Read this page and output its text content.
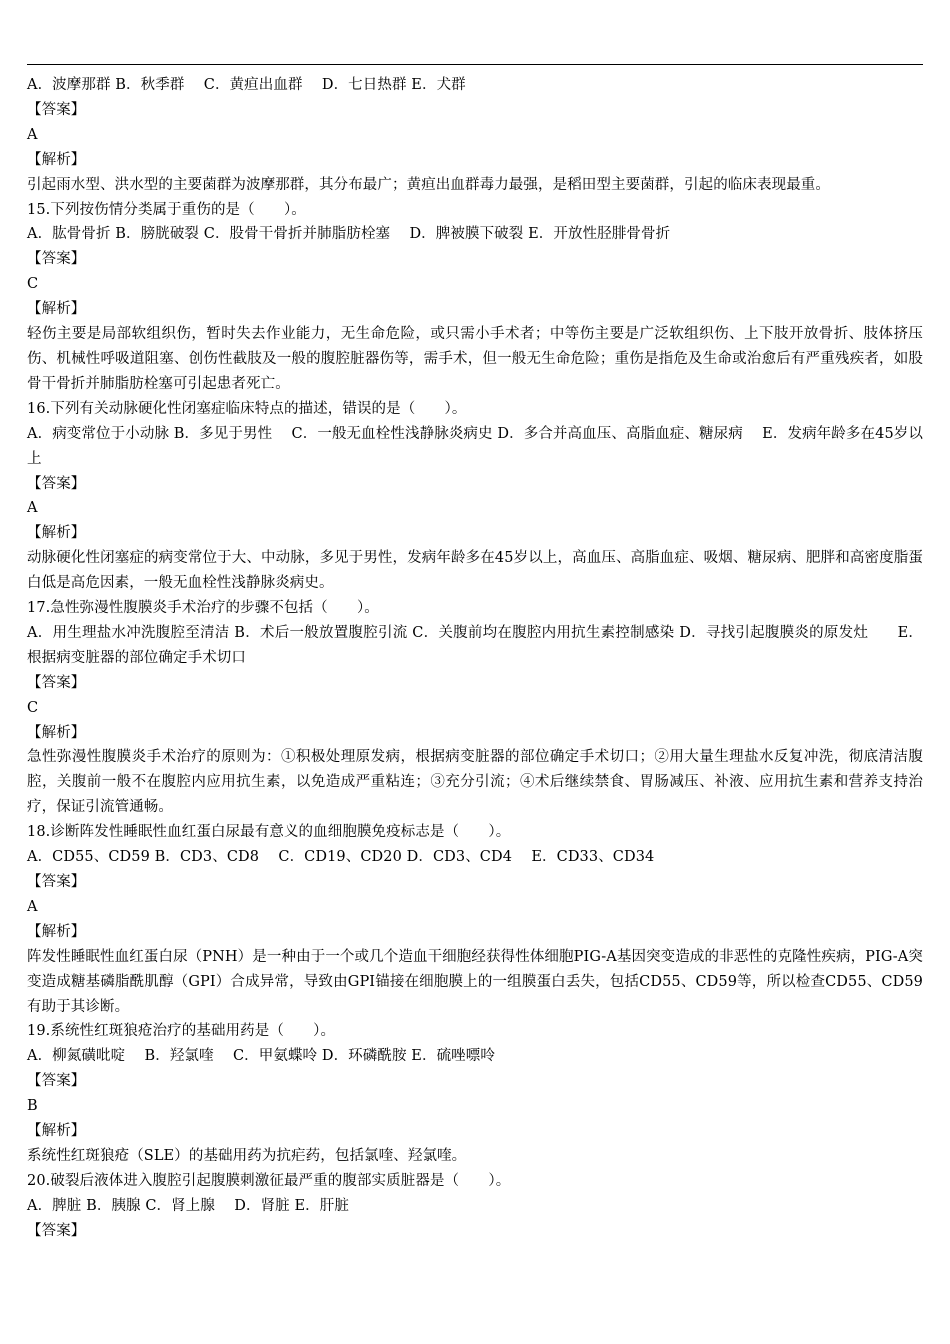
A．波摩那群 B．秋季群　 C．黄疸出血群　 D．七日热群 E．犬群
【答案】
A
【解析】
引起雨水型、洪水型的主要菌群为波摩那群，其分布最广；黄疸出血群毒力最强，是稻田型主要菌群，引起的临床表现最重。
15.下列按伤情分类属于重伤的是（　　）。
A．肱骨骨折 B．膀胱破裂 C．股骨干骨折并肺脂肪栓塞　 D．脾被膜下破裂 E．开放性胫腓骨骨折
【答案】
C
【解析】
轻伤主要是局部软组织伤，暂时失去作业能力，无生命危险，或只需小手术者；中等伤主要是广泛软组织伤、上下肢开放骨折、肢体挤压伤、机械性呼吸道阻塞、创伤性截肢及一般的腹腔脏器伤等，需手术，但一般无生命危险；重伤是指危及生命或治愈后有严重残疾者，如股骨干骨折并肺脂肪栓塞可引起患者死亡。
16.下列有关动脉硬化性闭塞症临床特点的描述，错误的是（　　）。
A．病变常位于小动脉 B．多见于男性　 C．一般无血栓性浅静脉炎病史 D．多合并高血压、高脂血症、糖尿病　 E．发病年龄多在45岁以上
【答案】
A
【解析】
动脉硬化性闭塞症的病变常位于大、中动脉，多见于男性，发病年龄多在45岁以上，高血压、高脂血症、吸烟、糖尿病、肥胖和高密度脂蛋白低是高危因素，一般无血栓性浅静脉炎病史。
17.急性弥漫性腹膜炎手术治疗的步骤不包括（　　）。
A．用生理盐水冲洗腹腔至清洁 B．术后一般放置腹腔引流 C．关腹前均在腹腔内用抗生素控制感染 D．寻找引起腹膜炎的原发灶　　E．根据病变脏器的部位确定手术切口
【答案】
C
【解析】
急性弥漫性腹膜炎手术治疗的原则为：①积极处理原发病，根据病变脏器的部位确定手术切口；②用大量生理盐水反复冲洗，彻底清洁腹腔，关腹前一般不在腹腔内应用抗生素，以免造成严重粘连；③充分引流；④术后继续禁食、胃肠减压、补液、应用抗生素和营养支持治疗，保证引流管通畅。
18.诊断阵发性睡眠性血红蛋白尿最有意义的血细胞膜免疫标志是（　　）。
A．CD55、CD59 B．CD3、CD8　 C．CD19、CD20 D．CD3、CD4　 E．CD33、CD34
【答案】
A
【解析】
阵发性睡眠性血红蛋白尿（PNH）是一种由于一个或几个造血干细胞经获得性体细胞PIG-A基因突变造成的非恶性的克隆性疾病，PIG-A突变造成糖基磷脂酰肌醇（GPI）合成异常，导致由GPI锚接在细胞膜上的一组膜蛋白丢失，包括CD55、CD59等，所以检查CD55、CD59 有助于其诊断。
19.系统性红斑狼疮治疗的基础用药是（　　）。
A．柳氮磺吡啶　 B．羟氯喹　 C．甲氨蝶呤 D．环磷酰胺 E．硫唑嘌呤
【答案】
B
【解析】
系统性红斑狼疮（SLE）的基础用药为抗疟药，包括氯喹、羟氯喹。
20.破裂后液体进入腹腔引起腹膜刺激征最严重的腹部实质脏器是（　　）。
A．脾脏 B．胰腺 C．肾上腺　 D．肾脏 E．肝脏
【答案】
